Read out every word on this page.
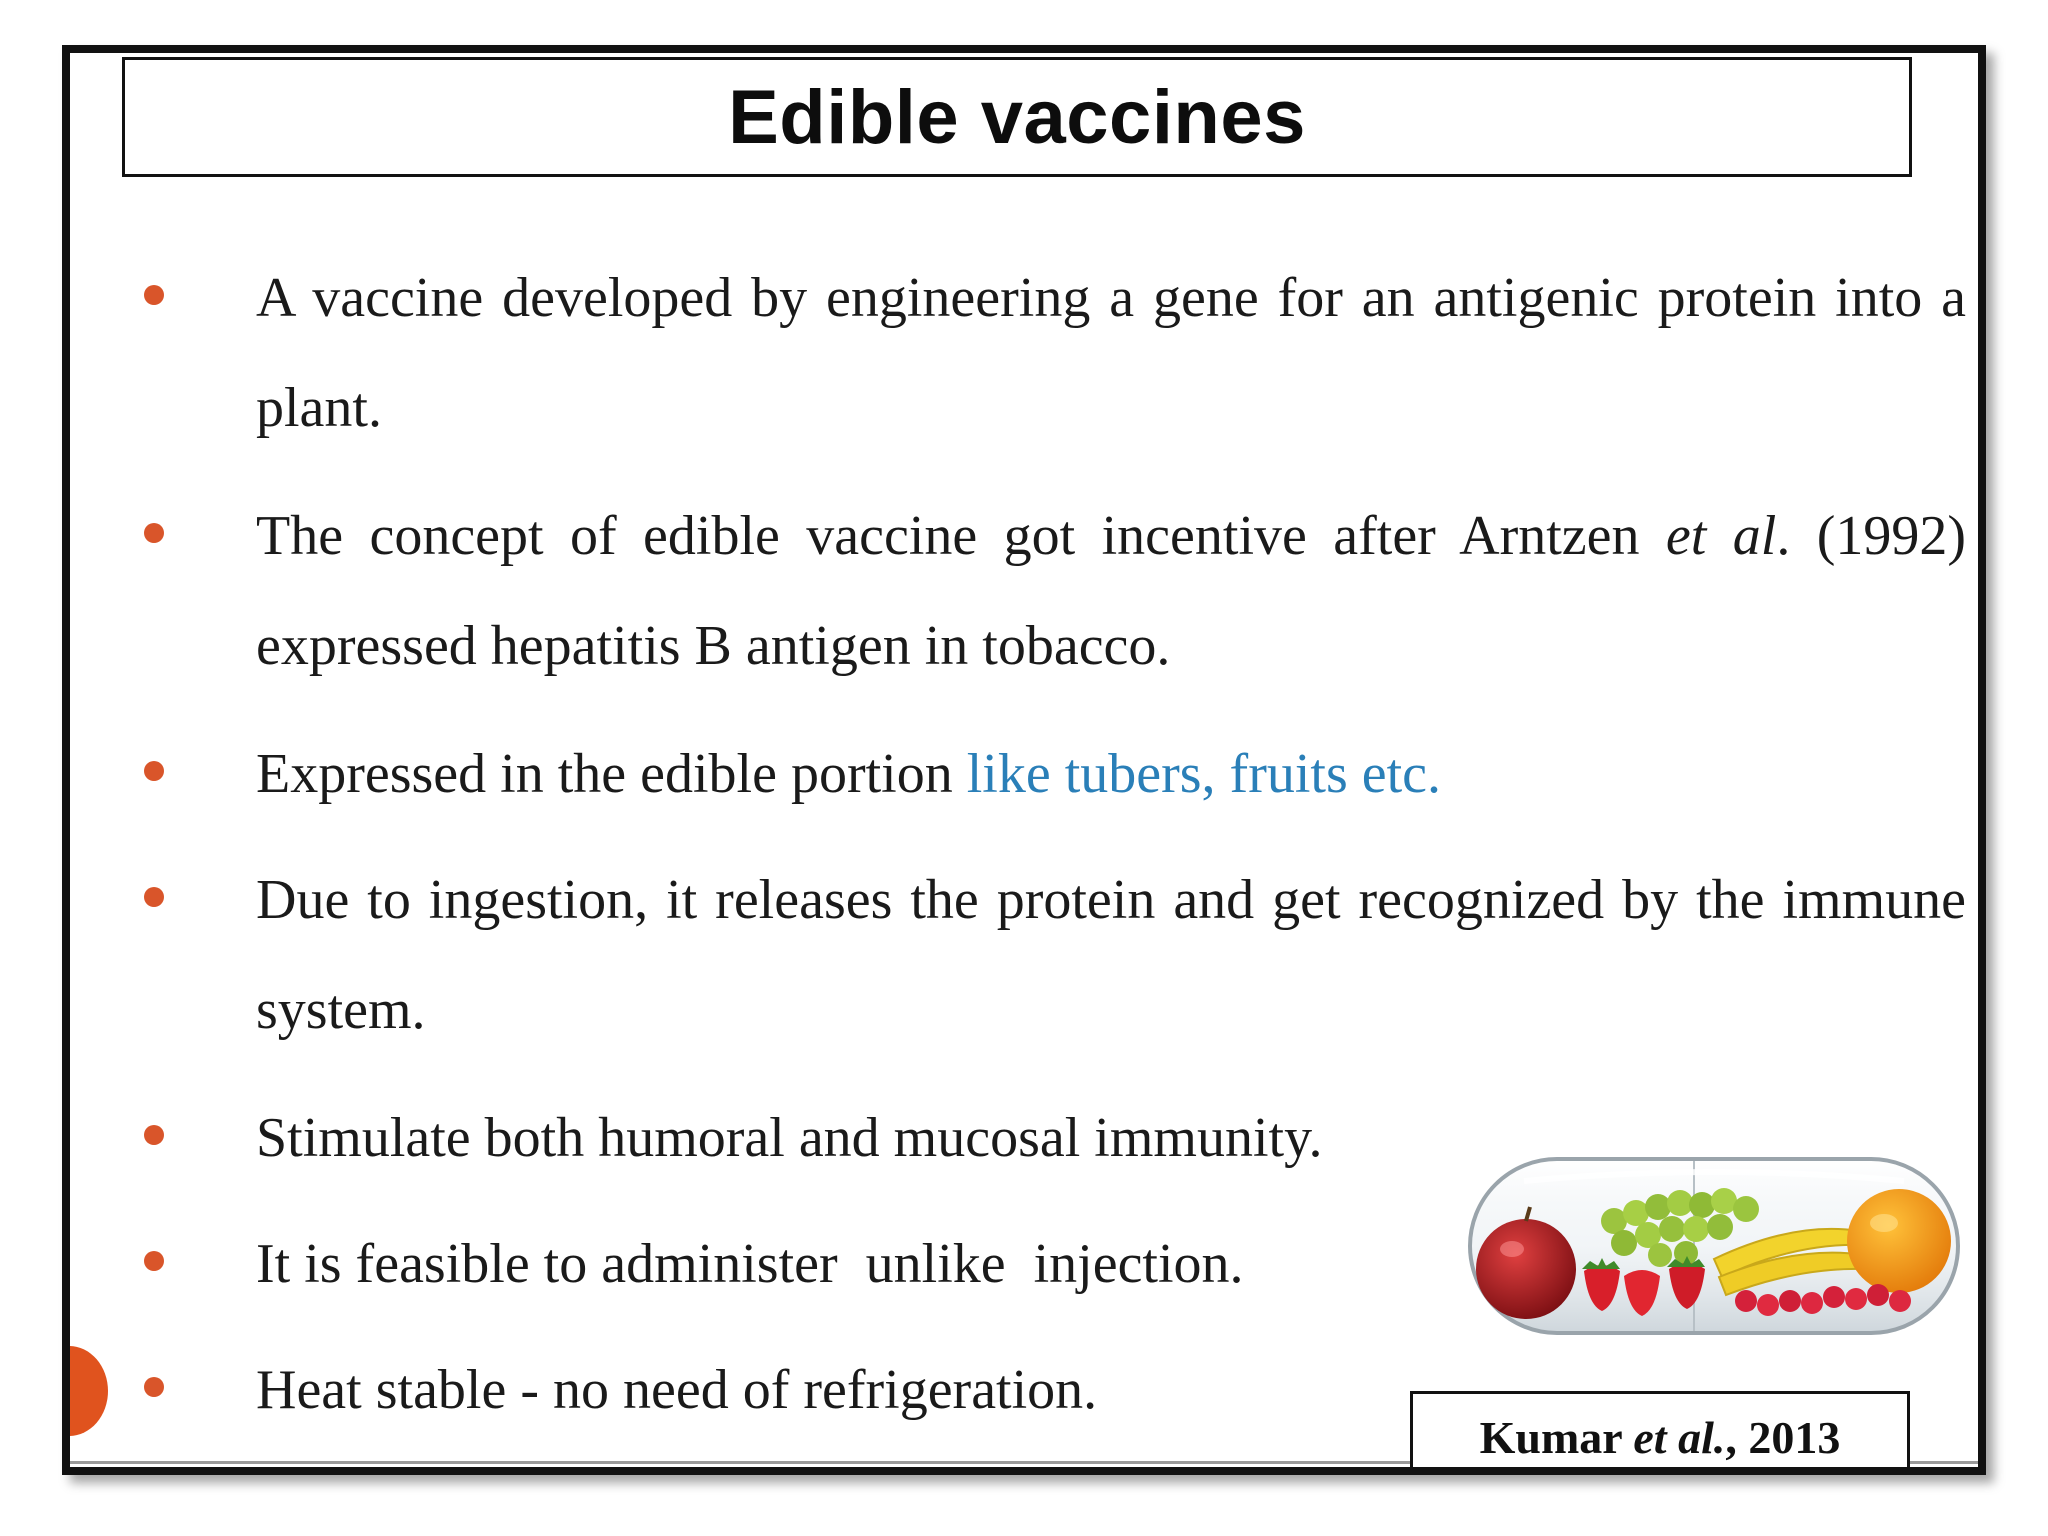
Edible vaccines
A vaccine developed by engineering a gene for an antigenic protein into a plant.
The concept of edible vaccine got incentive after Arntzen et al. (1992) expressed hepatitis B antigen in tobacco.
Expressed in the edible portion like tubers, fruits etc.
Due to ingestion, it releases the protein and get recognized by the immune system.
Stimulate both humoral and mucosal immunity.
It is feasible to administer  unlike  injection.
Heat stable - no need of refrigeration.
Kumar et al. , 2013
